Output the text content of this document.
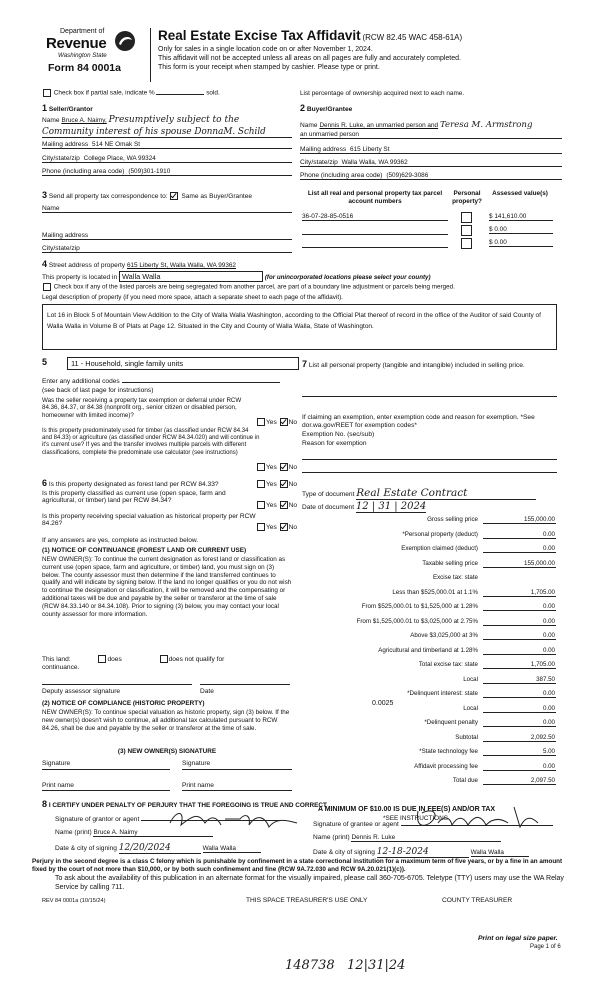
Department of
Revenue
Washington State
Form 84 0001a
Real Estate Excise Tax Affidavit (RCW 82.45 WAC 458-61A)
Only for sales in a single location code on or after November 1, 2024.
This affidavit will not be accepted unless all areas on all pages are fully and accurately completed.
This form is your receipt when stamped by cashier. Please type or print.
Check box if partial sale, indicate %	sold.	List percentage of ownership acquired next to each name.
1 Seller/Grantor
Name Bruce A. Naimy, Presumptively subject to the
Community interest of his spouse DonnaM. Schild
Mailing address 514 NE Omak St
City/state/zip College Place, WA 99324
Phone (including area code) (509)301-1910
2 Buyer/Grantee
Name Dennis R. Luke, an unmarried person and Teresa M. Armstrong
an unmarried person
Mailing address 615 Liberty St
City/state/zip Walla Walla, WA 99362
Phone (including area code) (509)629-3086
3 Send all property tax correspondence to: Same as Buyer/Grantee
Name
Mailing address
City/state/zip
List all real and personal property tax parcel account numbers
Personal property?
Assessed value(s)
36-07-28-85-0516	$ 141,610.00
$ 0.00
$ 0.00
4 Street address of property 615 Liberty St, Walla Walla, WA 99362
This property is located in Walla Walla	(for unincorporated locations please select your county)
Check box if any of the listed parcels are being segregated from another parcel, are part of a boundary line adjustment or parcels being merged.
Legal description of property (if you need more space, attach a separate sheet to each page of the affidavit).
Lot 16 in Block 5 of Mountain View Addition to the City of Walla Walla Washington, according to the Official Plat thereof of record in the office of the Auditor of said County of Walla Walla in Volume B of Plats at Page 12. Situated in the City and County of Walla Walla, State of Washington.
5	11 - Household, single family units
Enter any additional codes
(see back of last page for instructions)
Was the seller receiving a property tax exemption or deferral under RCW 84.36, 84.37, or 84.38 (nonprofit org., senior citizen or disabled person, homeowner with limited income)?
Yes No
Is this property predominately used for timber (as classified under RCW 84.34 and 84.33) or agriculture (as classified under RCW 84.34.020) and will continue in it's current use? If yes and the transfer involves multiple parcels with different classifications, complete the predominate use calculator (see instructions)
Yes No
6 Is this property designated as forest land per RCW 84.33?	Yes No
Is this property classified as current use (open space, farm and agricultural, or timber) land per RCW 84.34?
Yes No
Is this property receiving special valuation as historical property per RCW 84.26?	Yes No
If any answers are yes, complete as instructed below.
(1) NOTICE OF CONTINUANCE (FOREST LAND OR CURRENT USE)
NEW OWNER(S): To continue the current designation as forest land or classification as current use (open space, farm and agriculture, or timber) land, you must sign on (3) below. The county assessor must then determine if the land transferred continues to qualify and will indicate by signing below. If the land no longer qualifies or you do not wish to continue the designation or classification, it will be removed and the compensating or additional taxes will be due and payable by the seller or transferor at the time of sale (RCW 84.33.140 or 84.34.108). Prior to signing (3) below, you may contact your local county assessor for more information.
This land:	does	does not qualify for
continuance.
Deputy assessor signature	Date
(2) NOTICE OF COMPLIANCE (HISTORIC PROPERTY)
NEW OWNER(S): To continue special valuation as historic property, sign (3) below. If the new owner(s) doesn't wish to continue, all additional tax calculated pursuant to RCW 84.26, shall be due and payable by the seller or transferor at the time of sale.
(3) NEW OWNER(S) SIGNATURE
Signature	Signature
Print name	Print name
7 List all personal property (tangible and intangible) included in selling price.
If claiming an exemption, enter exemption code and reason for exemption. *See dor.wa.gov/REET for exemption codes*
Exemption No. (sec/sub)
Reason for exemption
Type of document Real Estate Contract
Date of document 12 | 31 | 2024
Gross selling price	155,000.00
*Personal property (deduct)	0.00
Exemption claimed (deduct)	0.00
Taxable selling price	155,000.00
Excise tax: state
Less than $525,000.01 at 1.1%	1,705.00
From $525,000.01 to $1,525,000 at 1.28%	0.00
From $1,525,000.01 to $3,025,000 at 2.75%	0.00
Above $3,025,000 at 3%	0.00
Agricultural and timberland at 1.28%	0.00
Total excise tax: state	1,705.00
Local	387.50
*Delinquent interest: state	0.00
Local	0.00
*Delinquent penalty	0.00
Subtotal	2,092.50
*State technology fee	5.00
Affidavit processing fee	0.00
Total due	2,097.50
0.0025
A MINIMUM OF $10.00 IS DUE IN FEE(S) AND/OR TAX
*SEE INSTRUCTIONS
8 I CERTIFY UNDER PENALTY OF PERJURY THAT THE FOREGOING IS TRUE AND CORRECT
Signature of grantor or agent
Name (print) Bruce A. Naimy
Date & city of signing 12/20/2024	Walla Walla
Signature of grantee or agent
Name (print) Dennis R. Luke
Date & city of signing 12-18-2024	Walla Walla
Perjury in the second degree is a class C felony which is punishable by confinement in a state correctional institution for a maximum term of five years, or by a fine in an amount fixed by the court of not more than $10,000, or by both such confinement and fine (RCW 9A.72.030 and RCW 9A.20.021(1)(c)).
To ask about the availability of this publication in an alternate format for the visually impaired, please call 360-705-6705. Teletype (TTY) users may use the WA Relay Service by calling 711.
REV 84 0001a (10/15/24)	THIS SPACE TREASURER'S USE ONLY	COUNTY TREASURER
Print on legal size paper.
Page 1 of 6
148738   12|31|24
